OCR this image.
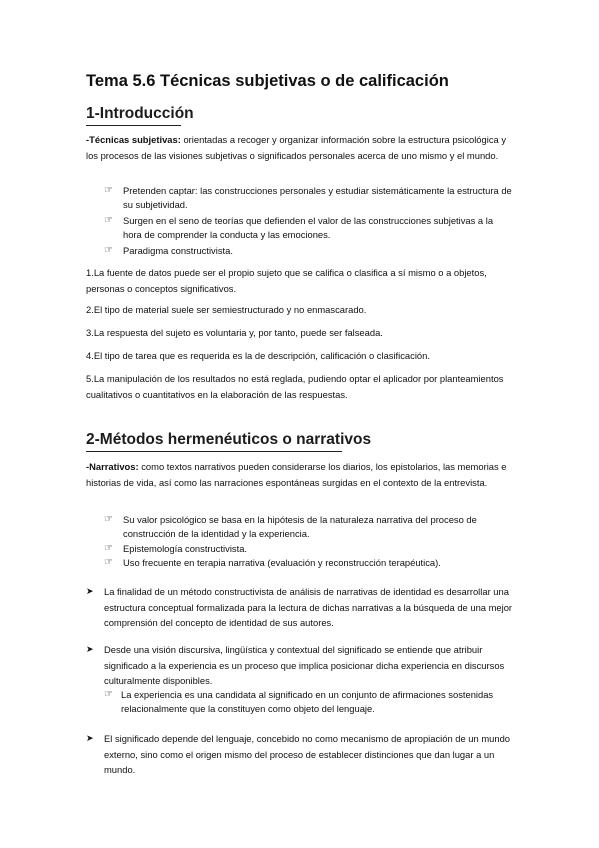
Tema 5.6 Técnicas subjetivas o de calificación
1-Introducción

-Técnicas subjetivas: orientadas a recoger y organizar información sobre la estructura psicológica y los procesos de las visiones subjetivas o significados personales acerca de uno mismo y el mundo.

☞	Pretenden captar: las construcciones personales y estudiar sistemáticamente la estructura de su subjetividad.
☞	Surgen en el seno de teorías que defienden el valor de las construcciones subjetivas a la hora de comprender la conducta y las emociones.
☞	Paradigma constructivista.

1.La fuente de datos puede ser el propio sujeto que se califica o clasifica a sí mismo o a objetos, personas o conceptos significativos.

2.El tipo de material suele ser semiestructurado y no enmascarado.

3.La respuesta del sujeto es voluntaria y, por tanto, puede ser falseada.

4.El tipo de tarea que es requerida es la de descripción, calificación o clasificación.

5.La manipulación de los resultados no está reglada, pudiendo optar el aplicador por planteamientos cualitativos o cuantitativos en la elaboración de las respuestas.

2-Métodos hermenéuticos o narrativos

-Narrativos: como textos narrativos pueden considerarse los diarios, los epistolarios, las memorias e historias de vida, así como las narraciones espontáneas surgidas en el contexto de la entrevista.

☞	Su valor psicológico se basa en la hipótesis de la naturaleza narrativa del proceso de construcción de la identidad y la experiencia.
☞	Epistemología constructivista.
☞	Uso frecuente en terapia narrativa (evaluación y reconstrucción terapéutica).
➤	La finalidad de un método constructivista de análisis de narrativas de identidad es desarrollar una estructura conceptual formalizada para la lectura de dichas narrativas a la búsqueda de una mejor comprensión del concepto de identidad de sus autores.
➤	Desde una visión discursiva, lingüística y contextual del significado se entiende que atribuir significado a la experiencia es un proceso que implica posicionar dicha experiencia en discursos culturalmente disponibles.
☞ La experiencia es una candidata al significado en un conjunto de afirmaciones sostenidas relacionalmente que la constituyen como objeto del lenguaje.
➤	El significado depende del lenguaje, concebido no como mecanismo de apropiación de un mundo externo, sino como el origen mismo del proceso de establecer distinciones que dan lugar a un mundo.
